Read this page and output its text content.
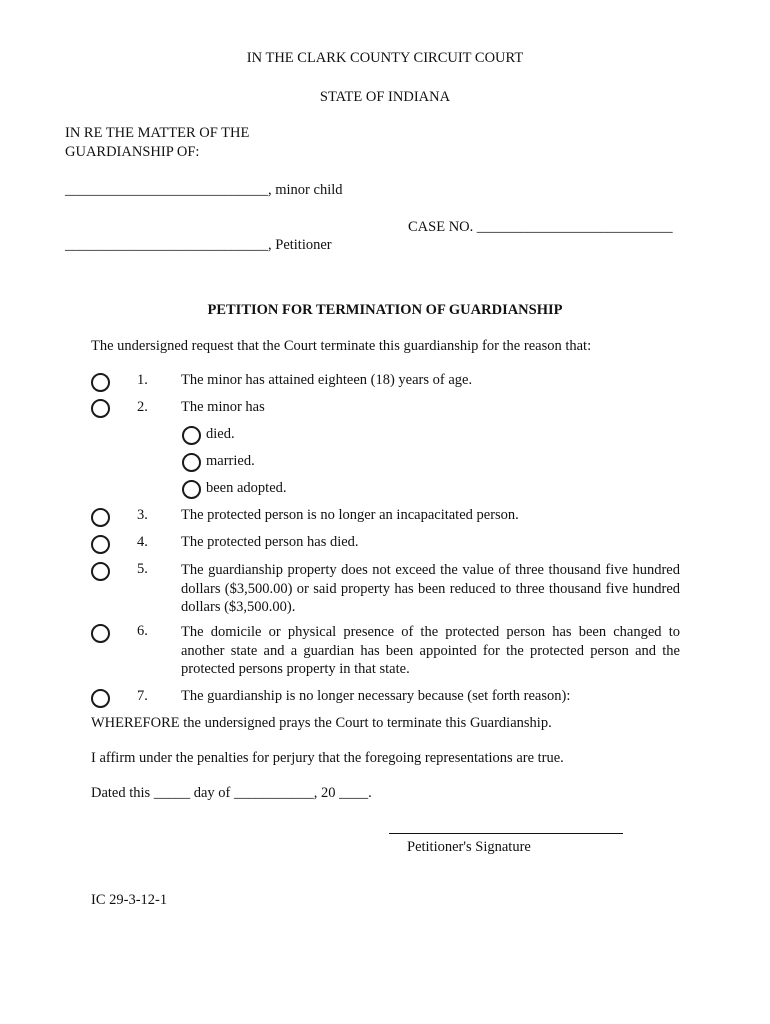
IN THE CLARK COUNTY CIRCUIT COURT
STATE OF INDIANA
IN RE THE MATTER OF THE
GUARDIANSHIP OF:
____________________________, minor child
CASE NO. ___________________________
____________________________, Petitioner
PETITION FOR TERMINATION OF GUARDIANSHIP
The undersigned request that the Court terminate this guardianship for the reason that:
1. The minor has attained eighteen (18) years of age.
2. The minor has
died.
married.
been adopted.
3. The protected person is no longer an incapacitated person.
4. The protected person has died.
5. The guardianship property does not exceed the value of three thousand five hundred dollars ($3,500.00) or said property has been reduced to three thousand five hundred dollars ($3,500.00).
6. The domicile or physical presence of the protected person has been changed to another state and a guardian has been appointed for the protected person and the protected persons property in that state.
7. The guardianship is no longer necessary because (set forth reason):
WHEREFORE the undersigned prays the Court to terminate this Guardianship.
I affirm under the penalties for perjury that the foregoing representations are true.
Dated this _____ day of ___________, 20 ____.
Petitioner's Signature
IC 29-3-12-1
